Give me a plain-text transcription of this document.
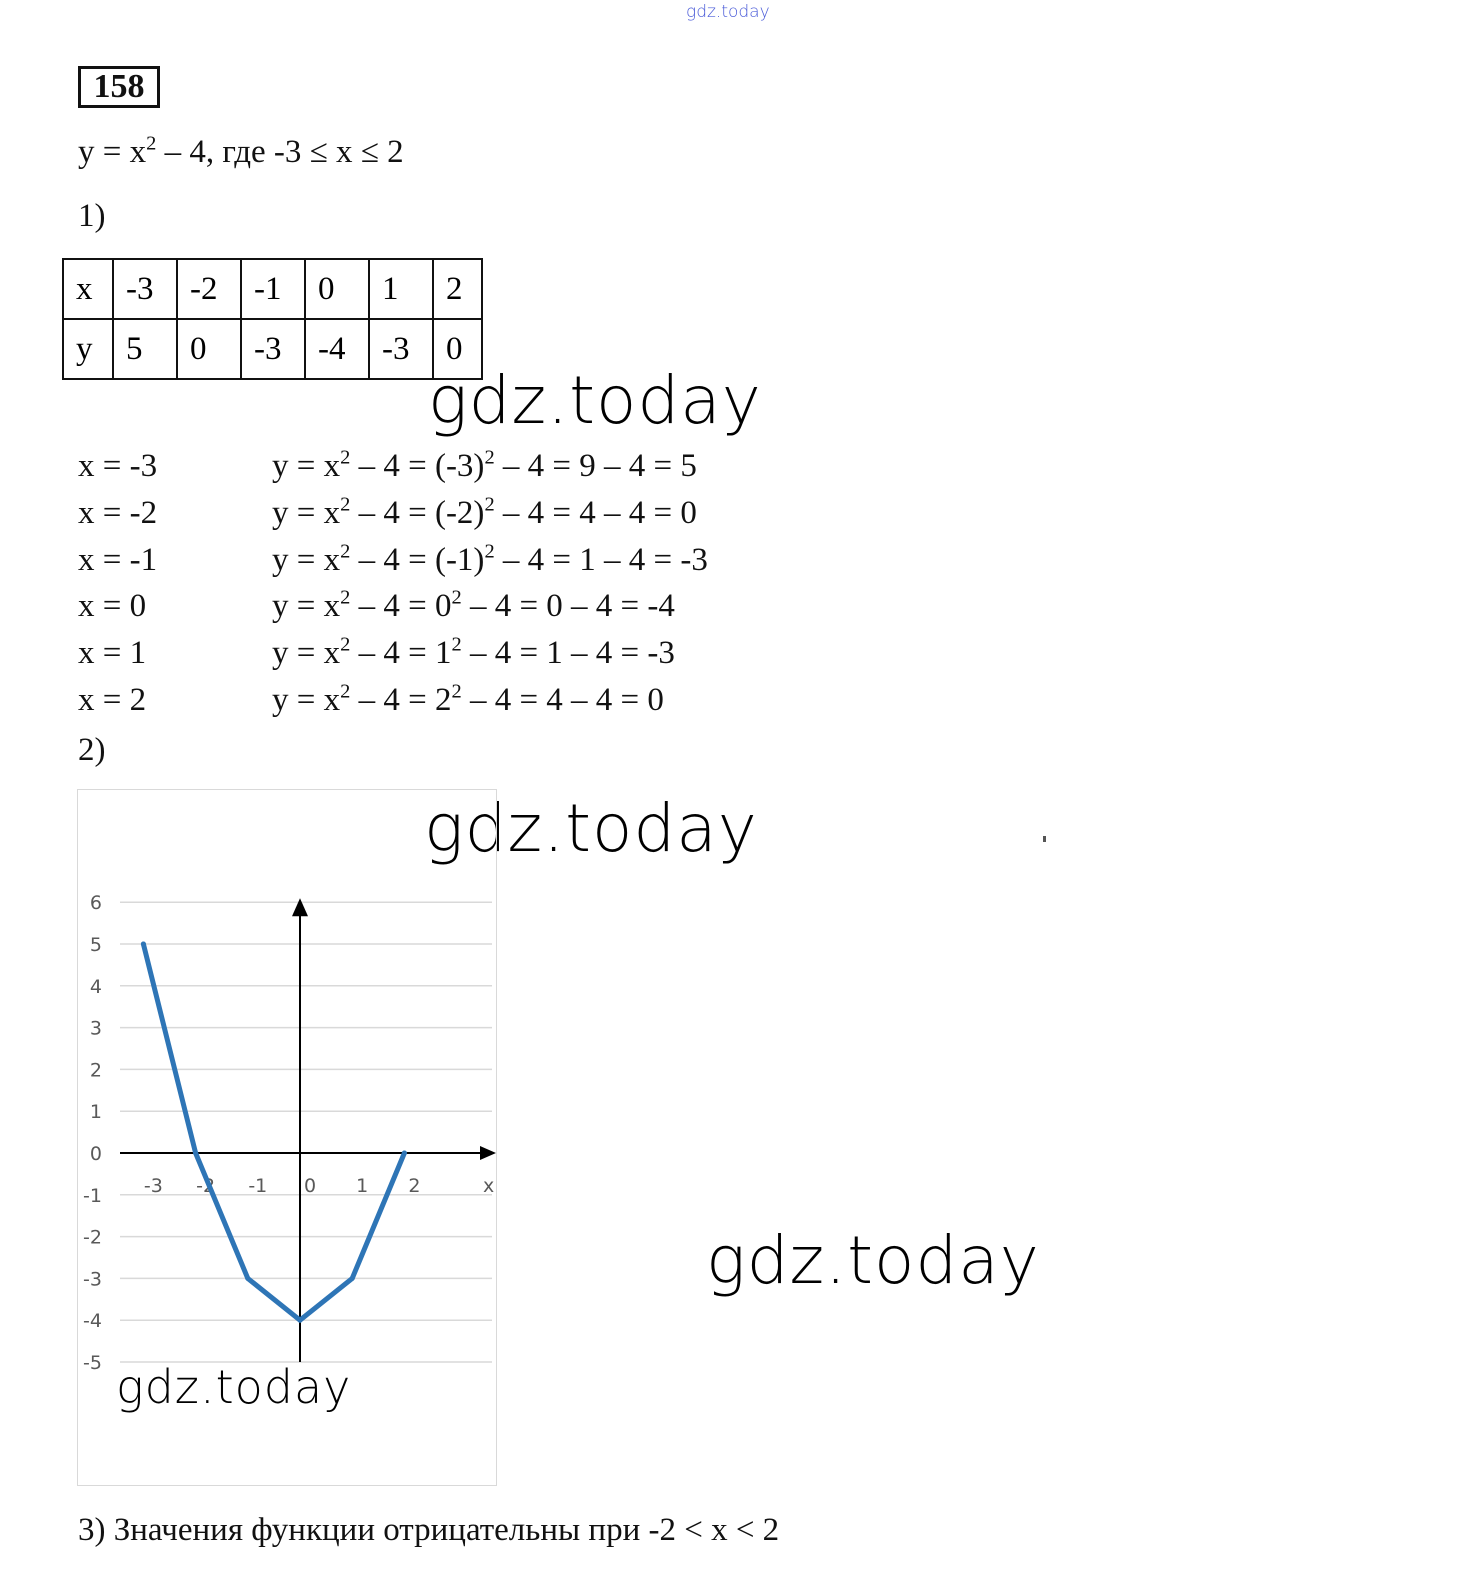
gdz.today
gdz.today
gdz.today
gdz.today
158
$y = x^2 - 4$, где -3 ≤ x ≤ 2
1)
x	-3	-2	-1	0	1	2
y	5	0	-3	-4	-3	0
x = -3	$y = x^2 - 4 = (-3)^2 - 4 = 9 - 4 = 5$
x = -2	$y = x^2 - 4 = (-2)^2 - 4 = 4 - 4 = 0$
x = -1	$y = x^2 - 4 = (-1)^2 - 4 = 1 - 4 = -3$
x = 0	$y = x^2 - 4 = 0^2 - 4 = 0 - 4 = -4$
x = 1	$y = x^2 - 4 = 1^2 - 4 = 1 - 4 = -3$
x = 2	$y = x^2 - 4 = 2^2 - 4 = 4 - 4 = 0$
2)
6
5
4
3
2
1
0
-1
-2
-3
-4
-5
-3 -2 -1 0 1 2	x
gdz.today
3) Значения функции отрицательны при -2 < x < 2
